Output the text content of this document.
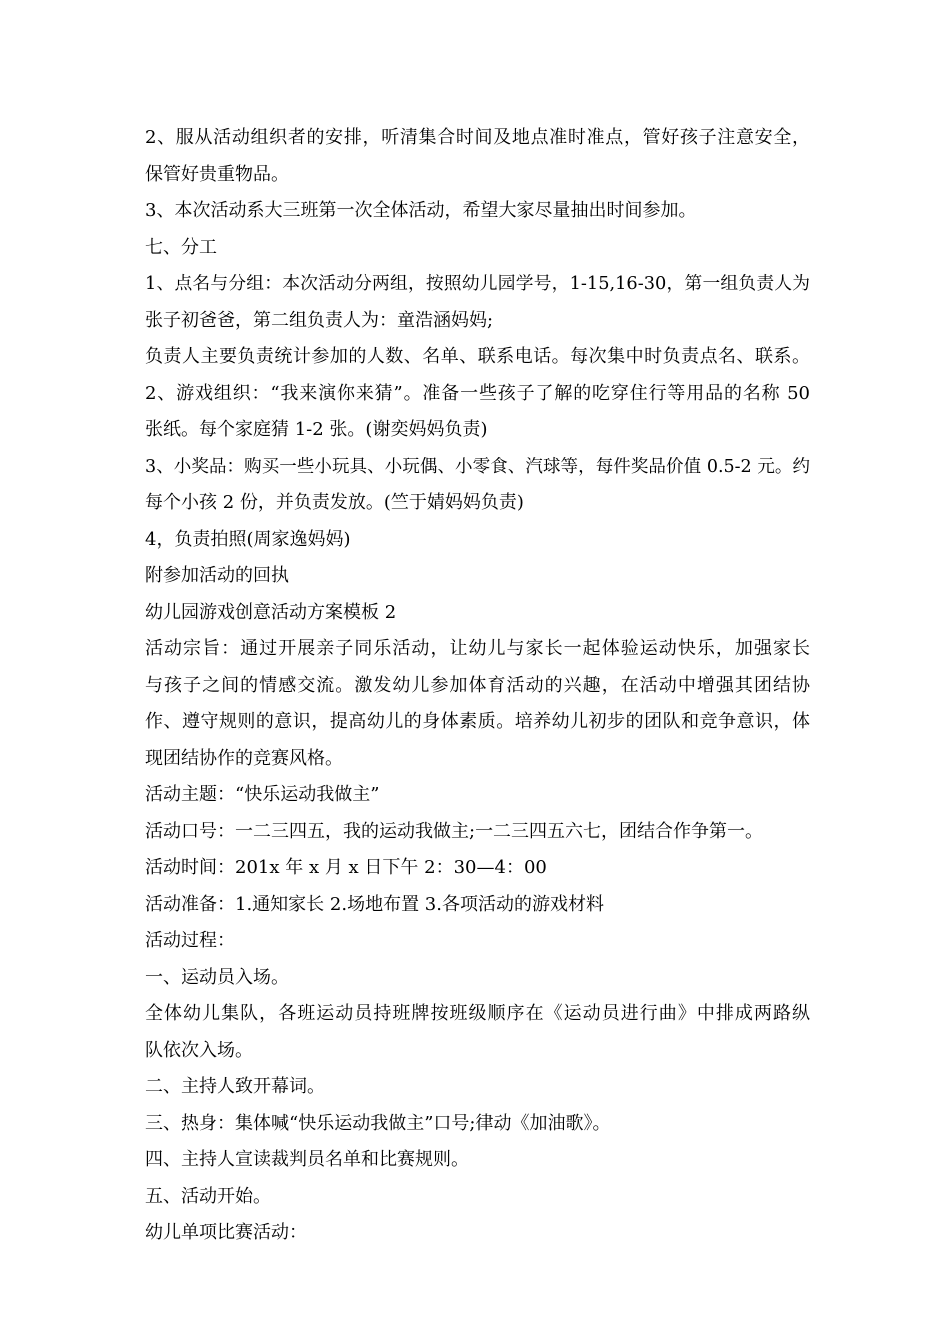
2、服从活动组织者的安排，听清集合时间及地点准时准点，管好孩子注意安全，
保管好贵重物品。
3、本次活动系大三班第一次全体活动，希望大家尽量抽出时间参加。
七、分工
1、点名与分组：本次活动分两组，按照幼儿园学号，1-15,16-30，第一组负责人为
张子初爸爸，第二组负责人为：童浩涵妈妈;
负责人主要负责统计参加的人数、名单、联系电话。每次集中时负责点名、联系。
2、游戏组织：“我来演你来猜”。准备一些孩子了解的吃穿住行等用品的名称 50
张纸。每个家庭猜 1-2 张。(谢奕妈妈负责)
3、小奖品：购买一些小玩具、小玩偶、小零食、汽球等，每件奖品价值 0.5-2 元。约
每个小孩 2 份，并负责发放。(竺于婧妈妈负责)
4，负责拍照(周家逸妈妈)
附参加活动的回执
幼儿园游戏创意活动方案模板 2
活动宗旨：通过开展亲子同乐活动，让幼儿与家长一起体验运动快乐，加强家长
与孩子之间的情感交流。激发幼儿参加体育活动的兴趣，在活动中增强其团结协
作、遵守规则的意识，提高幼儿的身体素质。培养幼儿初步的团队和竞争意识，体
现团结协作的竞赛风格。
活动主题：“快乐运动我做主”
活动口号：一二三四五，我的运动我做主;一二三四五六七，团结合作争第一。
活动时间：201x 年 x 月 x 日下午 2：30—4：00
活动准备：1.通知家长 2.场地布置 3.各项活动的游戏材料
活动过程：
一、运动员入场。
全体幼儿集队，各班运动员持班牌按班级顺序在《运动员进行曲》中排成两路纵
队依次入场。
二、主持人致开幕词。
三、热身：集体喊“快乐运动我做主”口号;律动《加油歌》。
四、主持人宣读裁判员名单和比赛规则。
五、活动开始。
幼儿单项比赛活动：
